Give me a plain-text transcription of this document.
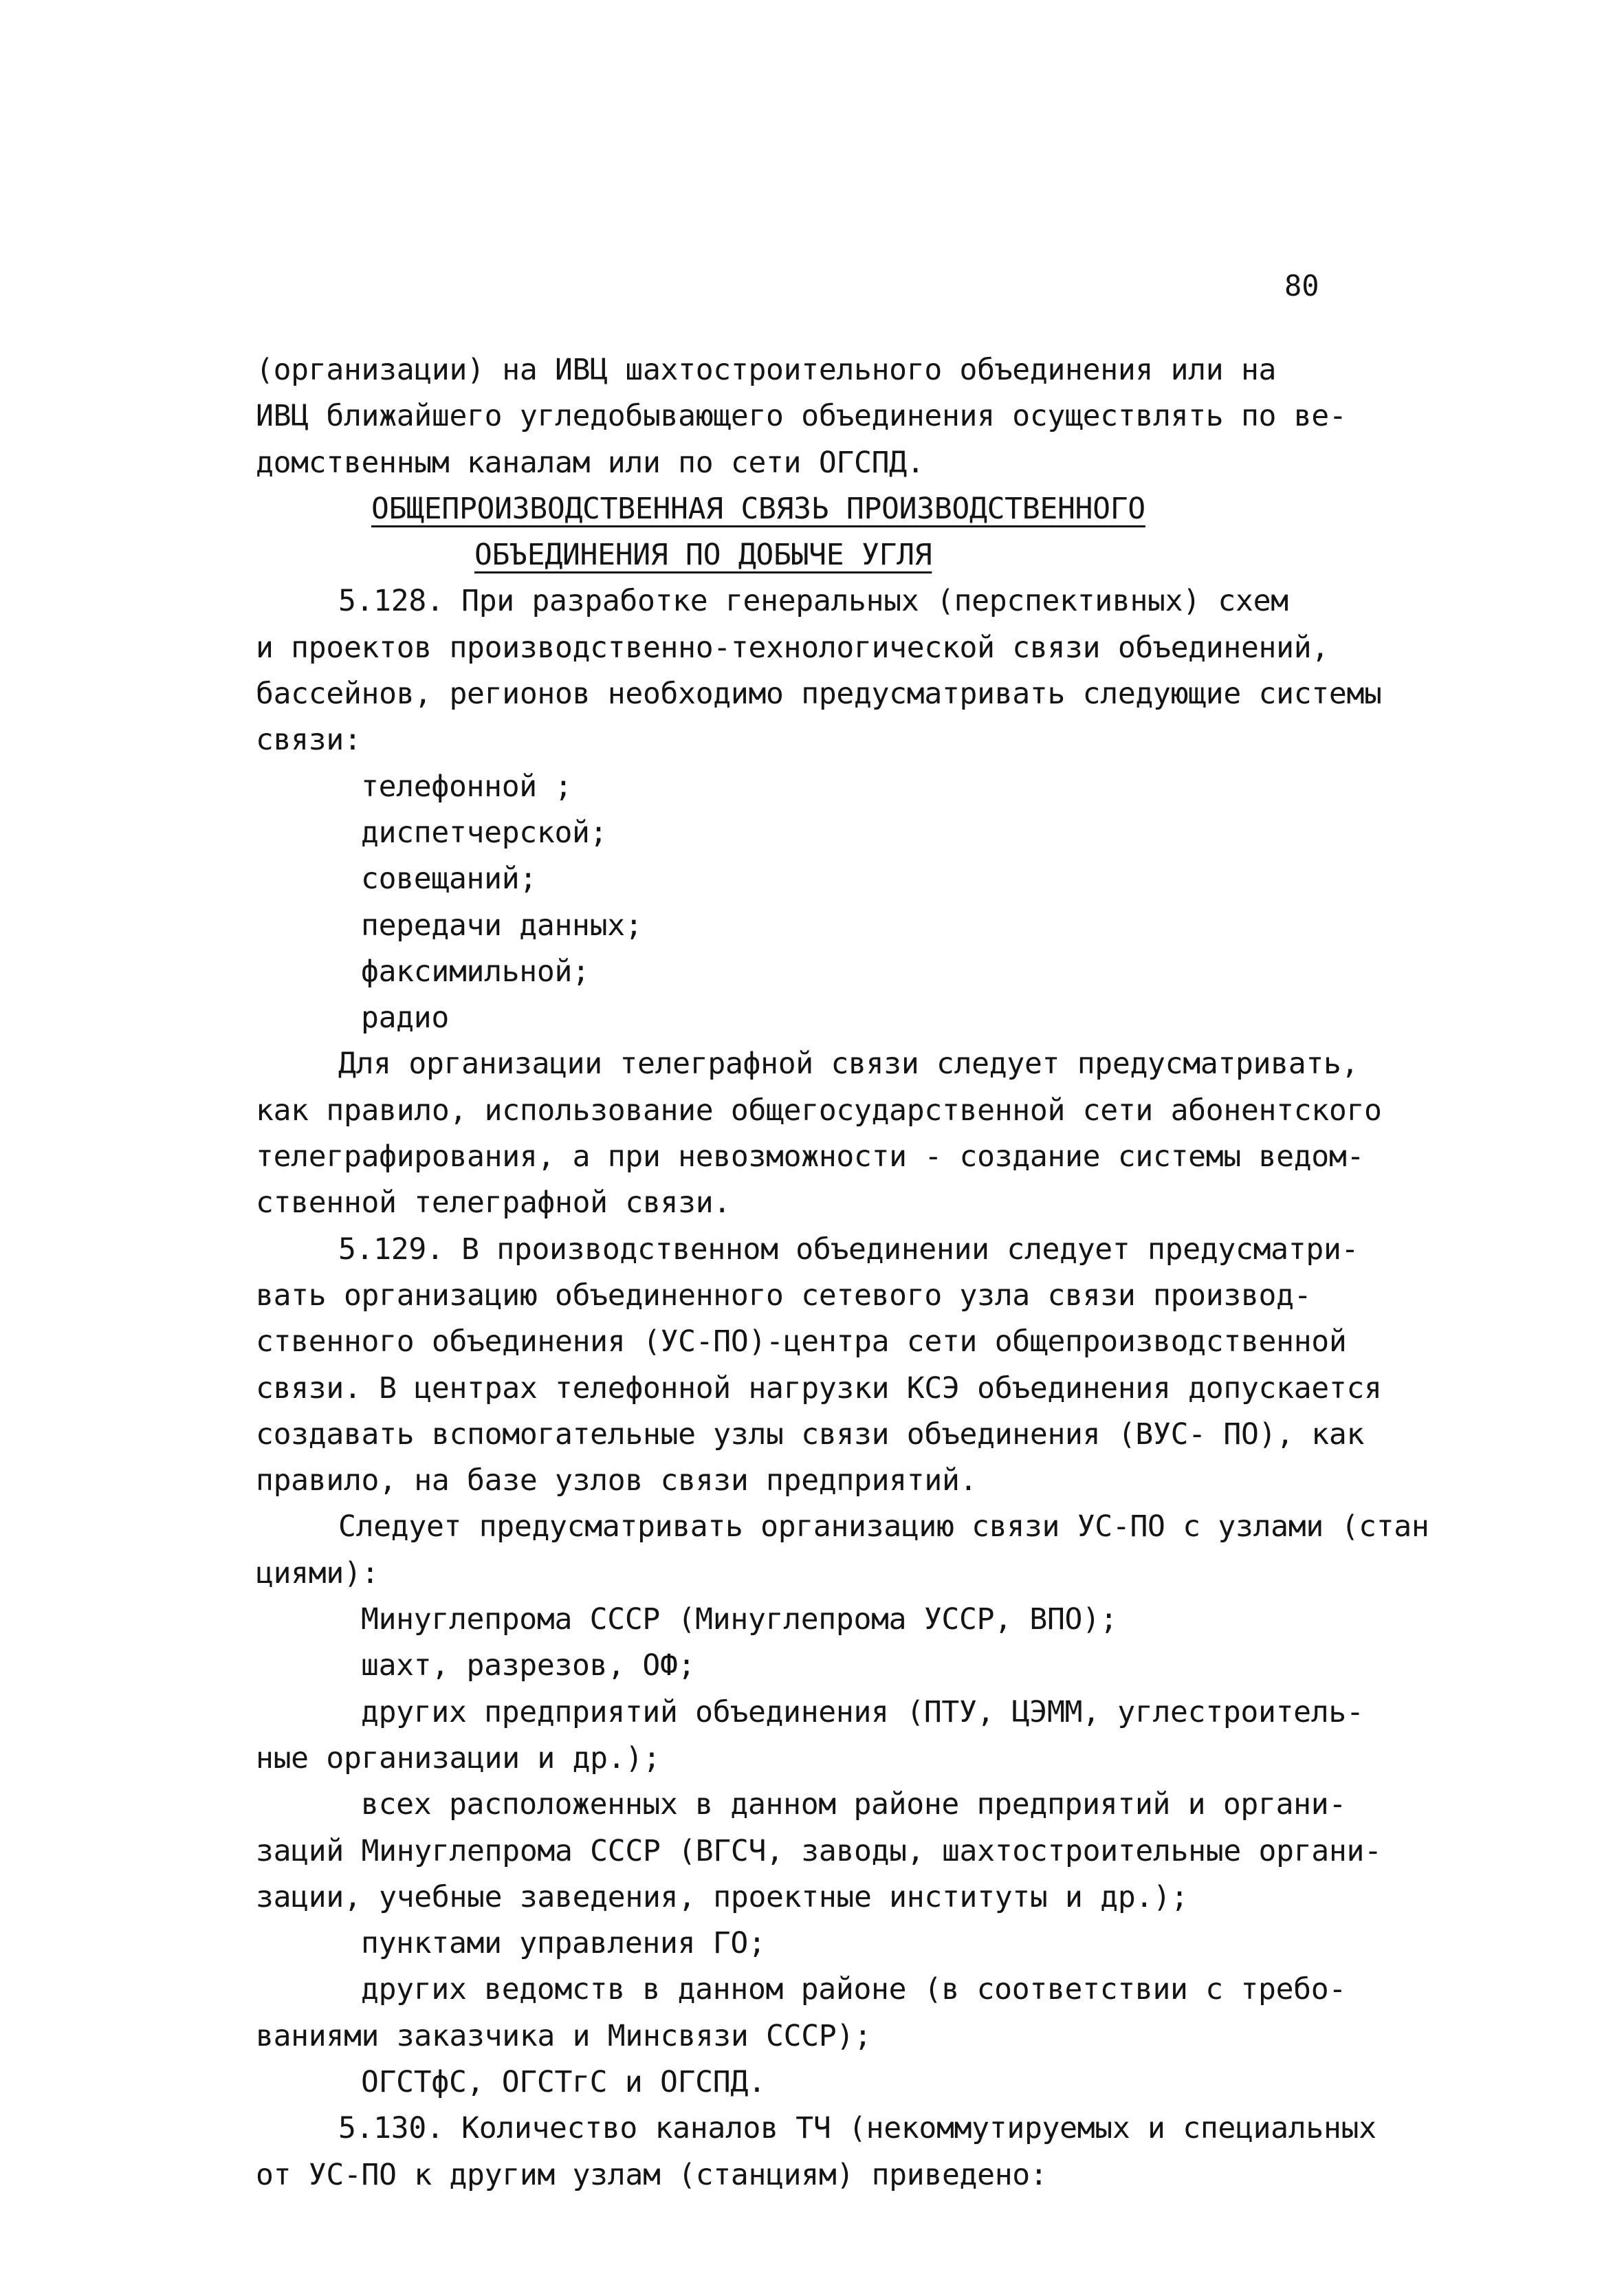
80
(организации) на ИВЦ шахтостроительного объединения или на
ИВЦ ближайшего угледобывающего объединения осуществлять по ве-
домственным каналам или по сети ОГСПД.
ОБЩЕПРОИЗВОДСТВЕННАЯ СВЯЗЬ ПРОИЗВОДСТВЕННОГО
ОБЪЕДИНЕНИЯ ПО ДОБЫЧЕ УГЛЯ
5.128. При разработке генеральных (перспективных) схем
и проектов производственно-технологической связи объединений,
бассейнов, регионов необходимо предусматривать следующие системы
связи:
телефонной ;
диспетчерской;
совещаний;
передачи данных;
факсимильной;
радио
Для организации телеграфной связи следует предусматривать,
как правило, использование общегосударственной сети абонентского
телеграфирования, а при невозможности - создание системы ведом-
ственной телеграфной связи.
5.129. В производственном объединении следует предусматри-
вать организацию объединенного сетевого узла связи производ-
ственного объединения (УС-ПО)-центра сети общепроизводственной
связи. В центрах телефонной нагрузки КСЭ объединения допускается
создавать вспомогательные узлы связи объединения (ВУС- ПО), как
правило, на базе узлов связи предприятий.
Следует предусматривать организацию связи УС-ПО с узлами (стан
циями):
Минуглепрома СССР (Минуглепрома УССР, ВПО);
шахт, разрезов, ОФ;
других предприятий объединения (ПТУ, ЦЭММ, углестроитель-
ные организации и др.);
всех расположенных в данном районе предприятий и органи-
заций Минуглепрома СССР (ВГСЧ, заводы, шахтостроительные органи-
зации, учебные заведения, проектные институты и др.);
пунктами управления ГО;
других ведомств в данном районе (в соответствии с требо-
ваниями заказчика и Минсвязи СССР);
ОГСТфС, ОГСТгС и ОГСПД.
5.130. Количество каналов ТЧ (некоммутируемых и специальных
от УС-ПО к другим узлам (станциям) приведено:
